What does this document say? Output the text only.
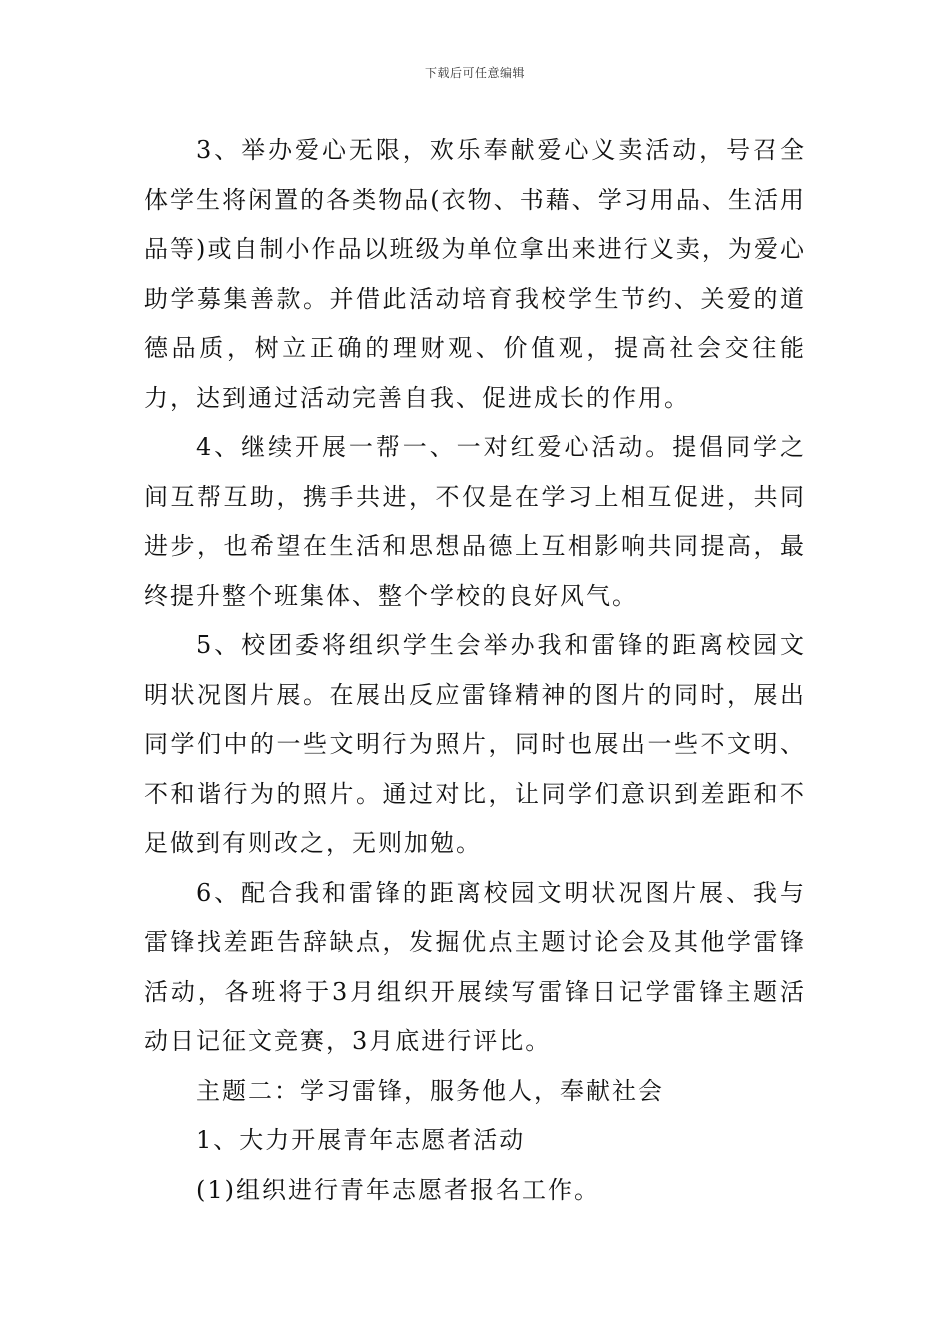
下载后可任意编辑

3、举办爱心无限，欢乐奉献爱心义卖活动，号召全体学生将闲置的各类物品(衣物、书藉、学习用品、生活用品等)或自制小作品以班级为单位拿出来进行义卖，为爱心助学募集善款。并借此活动培育我校学生节约、关爱的道德品质，树立正确的理财观、价值观，提高社会交往能力，达到通过活动完善自我、促进成长的作用。

4、继续开展一帮一、一对红爱心活动。提倡同学之间互帮互助，携手共进，不仅是在学习上相互促进，共同进步，也希望在生活和思想品德上互相影响共同提高，最终提升整个班集体、整个学校的良好风气。

5、校团委将组织学生会举办我和雷锋的距离校园文明状况图片展。在展出反应雷锋精神的图片的同时，展出同学们中的一些文明行为照片，同时也展出一些不文明、不和谐行为的照片。通过对比，让同学们意识到差距和不足做到有则改之，无则加勉。

6、配合我和雷锋的距离校园文明状况图片展、我与雷锋找差距告辞缺点，发掘优点主题讨论会及其他学雷锋活动，各班将于3月组织开展续写雷锋日记学雷锋主题活动日记征文竞赛，3月底进行评比。

主题二：学习雷锋，服务他人，奉献社会

1、大力开展青年志愿者活动

(1)组织进行青年志愿者报名工作。
